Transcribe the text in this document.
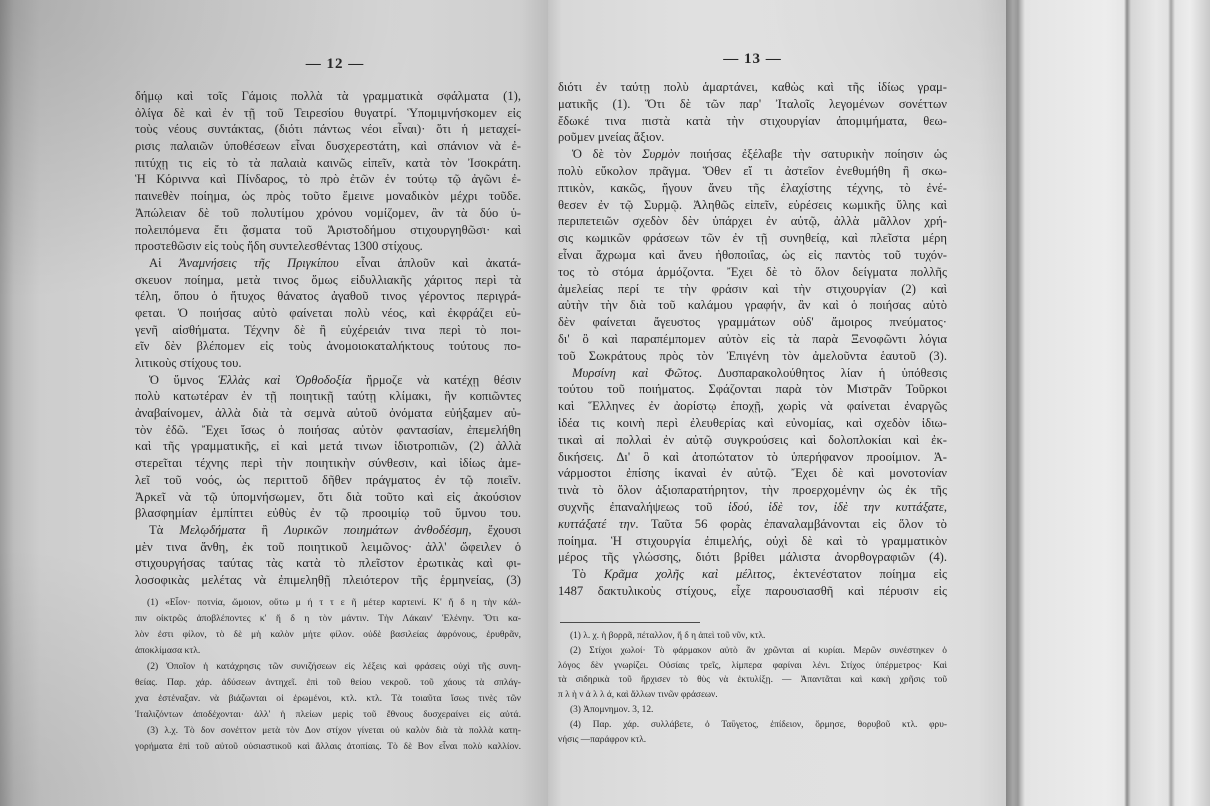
— 12 —
δήμῳ καὶ τοῖς Γάμοις πολλὰ τὰ γραμματικὰ σφάλματα (1),
ὀλίγα δὲ καὶ ἐν τῇ τοῦ Τειρεσίου θυγατρί. Ὑπομιμνήσκομεν εἰς
τοὺς νέους συντάκτας, (διότι πάντως νέοι εἶναι)· ὅτι ἡ μεταχεί-
ρισις παλαιῶν ὑποθέσεων εἶναι δυσχερεστάτη, καὶ σπάνιον νὰ ἐ-
πιτύχῃ τις εἰς τὸ τὰ παλαιὰ καινῶς εἰπεῖν, κατὰ τὸν Ἰσοκράτη.
Ἡ Κόριννα καὶ Πίνδαρος, τὸ πρὸ ἐτῶν ἐν τούτῳ τῷ ἀγῶνι ἐ-
παινεθὲν ποίημα, ὡς πρὸς τοῦτο ἔμεινε μοναδικὸν μέχρι τοῦδε.
Ἀπώλειαν δὲ τοῦ πολυτίμου χρόνου νομίζομεν, ἂν τὰ δύο ὑ-
πολειπόμενα ἔτι ᾄσματα τοῦ Ἀριστοδήμου στιχουργηθῶσι· καὶ
προστεθῶσιν εἰς τοὺς ἤδη συντελεσθέντας 1300 στίχους.
Αἱ Ἀναμνήσεις τῆς Πριγκίπου εἶναι ἁπλοῦν καὶ ἀκατά-
σκευον ποίημα, μετὰ τινος ὅμως εἰδυλλιακῆς χάριτος περὶ τὰ
τέλη, ὅπου ὁ ἤτυχος θάνατος ἀγαθοῦ τινος γέροντος περιγρά-
φεται. Ὁ ποιήσας αὐτὸ φαίνεται πολὺ νέος, καὶ ἐκφράζει εὐ-
γενῆ αἰσθήματα. Τέχνην δὲ ἢ εὐχέρειάν τινα περὶ τὸ ποι-
εῖν δὲν βλέπομεν εἰς τοὺς ἀνομοιοκαταλήκτους τούτους πο-
λιτικοὺς στίχους του.
Ὁ ὕμνος Ἑλλὰς καὶ Ὀρθοδοξία ἥρμοζε νὰ κατέχῃ θέσιν
πολὺ κατωτέραν ἐν τῇ ποιητικῇ ταύτῃ κλίμακι, ἣν κοπιῶντες
ἀναβαίνομεν, ἀλλὰ διὰ τὰ σεμνὰ αὐτοῦ ὀνόματα εὐήξαμεν αὐ-
τὸν ἐδῶ. Ἔχει ἴσως ὁ ποιήσας αὐτὸν φαντασίαν, ἐπεμελήθη
καὶ τῆς γραμματικῆς, εἰ καὶ μετά τινων ἰδιοτροπιῶν, (2) ἀλλὰ
στερεῖται τέχνης περὶ τὴν ποιητικὴν σύνθεσιν, καὶ ἰδίως ἀμε-
λεῖ τοῦ νοός, ὡς περιττοῦ δῆθεν πράγματος ἐν τῷ ποιεῖν.
Ἀρκεῖ νὰ τῷ ὑπομνήσωμεν, ὅτι διὰ τοῦτο καὶ εἰς ἀκούσιον
βλασφημίαν ἐμπίπτει εὐθὺς ἐν τῷ προοιμίῳ τοῦ ὕμνου του.
Τὰ Μελῳδήματα ἢ Λυρικῶν ποιημάτων ἀνθοδέσμη, ἔχουσι
μὲν τινα ἄνθη, ἐκ τοῦ ποιητικοῦ λειμῶνος· ἀλλ' ὤφειλεν ὁ
στιχουργήσας ταύτας τὰς κατὰ τὸ πλεῖστον ἐρωτικὰς καὶ φι-
λοσοφικὰς μελέτας νὰ ἐπιμεληθῇ πλειότερον τῆς ἑρμηνείας, (3)
(1) «Εἶον· ποτνία, ὤμοιον, οὔτω μ ή τ τ ε ῆ μέτερ καρτεινί. Κ' ἤ δ η τὴν κάλ-
πιν οἰκτρῶς ἀποβλέποντες κ' ἤ δ η τὸν μάντιν. Τὴν Λάκαιν' Ἑλένην. Ὅτι κα-
λὸν ἐστι φίλον, τὸ δὲ μὴ καλὸν μήτε φίλον. οὐδὲ βασιλείας ἀφρόνους, ἐρυθρᾶν,
ἀποκλίμασα κτλ.
(2) Ὁποῖον ἡ κατάχρησις τῶν συνιζήσεων εἰς λέξεις καὶ φράσεις οὐχὶ τῆς συνη-
θείας. Παρ. χάρ. ἀδύσεων ἀντηχεῖ. ἐπὶ τοῦ θείου νεκροῦ. τοῦ χάους τὰ σπλάγ-
χνα ἐστέναξαν. νὰ βιάζωνται οἱ ἐρωμένοι, κτλ. κτλ. Τὰ τοιαῦτα ἴσως τινὲς τῶν
Ἰταλιζόντων ἀποδέχονται· ἀλλ' ἡ πλείων μερὶς τοῦ ἔθνους δυσχεραίνει εἰς αὐτά.
(3) λ.χ. Τὸ δον σονέττον μετὰ τὸν Δον στίχον γίνεται οὐ καλὸν διὰ τὰ πολλὰ κατη-
γορήματα ἐπὶ τοῦ αὐτοῦ οὐσιαστικοῦ καὶ ἄλλαις ἀτοπίαις. Τὸ δὲ Βον εἶναι πολὺ καλλίον.
— 13 —
διότι ἐν ταύτῃ πολὺ ἁμαρτάνει, καθὼς καὶ τῆς ἰδίως γραμ-
ματικῆς (1). Ὅτι δὲ τῶν παρ' Ἰταλοῖς λεγομένων σονέττων
ἔδωκέ τινα πιστὰ κατὰ τὴν στιχουργίαν ἀπομιμήματα, θεω-
ροῦμεν μνείας ἄξιον.
Ὁ δὲ τὸν Συρμὸν ποιήσας ἐξέλαβε τὴν σατυρικὴν ποίησιν ὡς
πολὺ εὔκολον πρᾶγμα. Ὅθεν εἴ τι ἀστεῖον ἐνεθυμήθη ἢ σκω-
πτικὸν, κακῶς, ἤγουν ἄνευ τῆς ἐλαχίστης τέχνης, τὸ ἐνέ-
θεσεν ἐν τῷ Συρμῷ. Ἀληθῶς εἰπεῖν, εὑρέσεις κωμικῆς ὕλης καὶ
περιπετειῶν σχεδὸν δὲν ὑπάρχει ἐν αὐτῷ, ἀλλὰ μᾶλλον χρή-
σις κωμικῶν φράσεων τῶν ἐν τῇ συνηθείᾳ, καὶ πλεῖστα μέρη
εἶναι ἄχρωμα καὶ ἄνευ ἠθοποιΐας, ὡς εἰς παντὸς τοῦ τυχόν-
τος τὸ στόμα ἁρμόζοντα. Ἔχει δὲ τὸ ὅλον δείγματα πολλῆς
ἀμελείας περί τε τὴν φράσιν καὶ τὴν στιχουργίαν (2) καὶ
αὐτὴν τὴν διὰ τοῦ καλάμου γραφήν, ἂν καὶ ὁ ποιήσας αὐτὸ
δὲν φαίνεται ἄγευστος γραμμάτων οὐδ' ἄμοιρος πνεύματος·
δι' ὃ καὶ παραπέμπομεν αὐτὸν εἰς τὰ παρὰ Ξενοφῶντι λόγια
τοῦ Σωκράτους πρὸς τὸν Ἐπιγένη τὸν ἀμελοῦντα ἑαυτοῦ (3).
Μυρσίνη καὶ Φῶτος. Δυσπαρακολούθητος λίαν ἡ ὑπόθεσις
τούτου τοῦ ποιήματος. Σφάζονται παρὰ τὸν Μιστρᾶν Τοῦρκοι
καὶ Ἕλληνες ἐν ἀορίστῳ ἐποχῇ, χωρὶς νὰ φαίνεται ἐναργῶς
ἰδέα τις κοινὴ περὶ ἐλευθερίας καὶ εὐνομίας, καὶ σχεδὸν ἰδιω-
τικαὶ αἱ πολλαὶ ἐν αὐτῷ συγκρούσεις καὶ δολοπλοκίαι καὶ ἐκ-
δικήσεις. Δι' ὃ καὶ ἀτοπώτατον τὸ ὑπερήφανον προοίμιον. Ἀ-
νάρμοστοι ἐπίσης ἱκαναὶ ἐν αὐτῷ. Ἔχει δὲ καὶ μονοτονίαν
τινὰ τὸ ὅλον ἀξιοπαρατήρητον, τὴν προερχομένην ὡς ἐκ τῆς
συχνῆς ἐπαναλήψεως τοῦ ἰδού, ἰδὲ τον, ἰδὲ την κυττάξατε,
κυττάξατέ την. Ταῦτα 56 φορὰς ἐπαναλαμβάνονται εἰς ὅλον τὸ
ποίημα. Ἡ στιχουργία ἐπιμελής, οὐχὶ δὲ καὶ τὸ γραμματικὸν
μέρος τῆς γλώσσης, διότι βρίθει μάλιστα ἀνορθογραφιῶν (4).
Τὸ Κρᾶμα χολῆς καὶ μέλιτος, ἐκτενέστατον ποίημα εἰς
1487 δακτυλικοὺς στίχους, εἶχε παρουσιασθῆ καὶ πέρυσιν εἰς
(1) λ. χ. ἡ βορρᾶ, πέταλλον, ἤ δ η ἀπεὶ τοῦ νῦν, κτλ.
(2) Στίχοι χωλοί· Τὸ φάρμακον αὐτὸ ἂν χρῶνται αἱ κυρίαι. Μερῶν συνέστηκεν ὁ
λόγος δὲν γνωρίζει. Οὐσίαις τρεῖς, λίμπερα φαρίναι λένι. Στίχος ὑπέρμετρος· Καὶ
τὰ σιδηρικὰ τοῦ ἤρχισεν τὸ θὺς νὰ ἐκτυλίξῃ. — Ἀπαντᾶται καὶ κακὴ χρῆσις τοῦ
π λ ὴ ν ἀ λ λ ά, καὶ ἄλλων τινῶν φράσεων.
(3) Ἀπομνημον. 3, 12.
(4) Παρ. χάρ. συλλάβετε, ὁ Ταΰγετος, ἐπίδειον, ὅρμησε, θορυβοῦ κτλ. φρυ-
νήσις —παράφρον κτλ.
